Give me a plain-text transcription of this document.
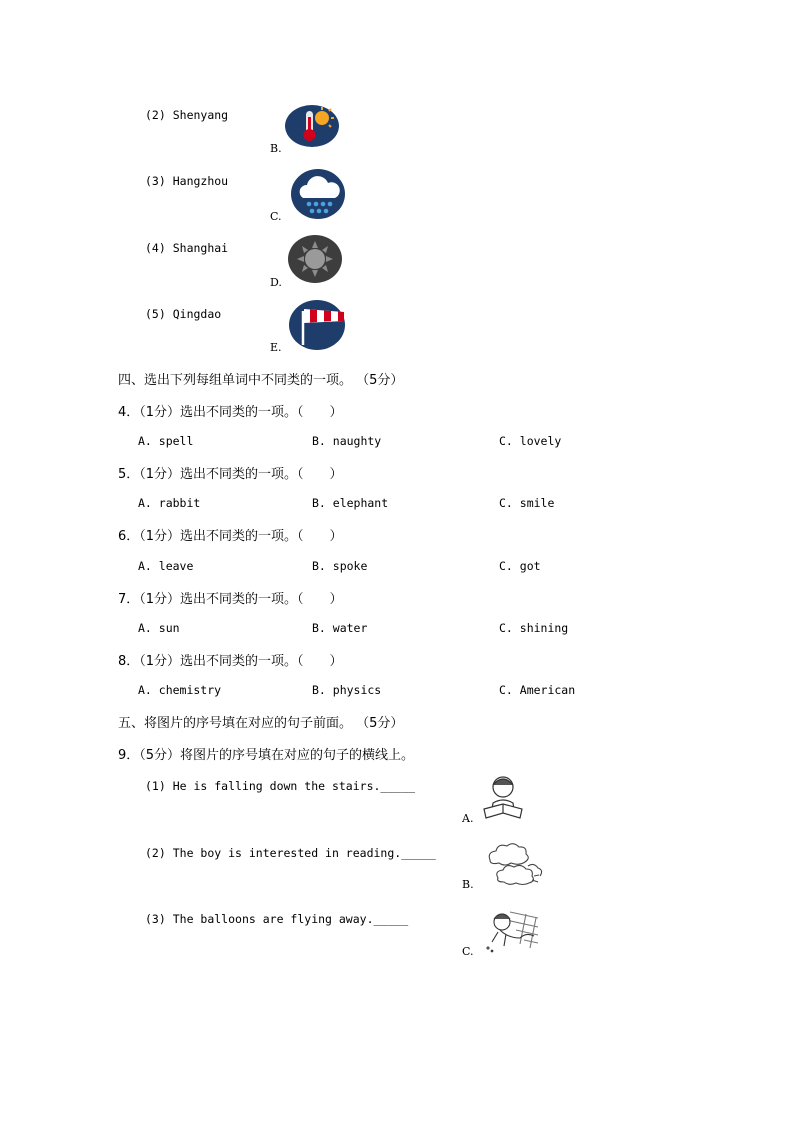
(2) Shenyang
B.
(3) Hangzhou
C.
(4) Shanghai
D.
(5) Qingdao
E.
四、选出下列每组单词中不同类的一项。 （5分）
4．（1分）选出不同类的一项。（　　）
A. spell	B. naughty	C. lovely
5．（1分）选出不同类的一项。（　　）
A. rabbit	B. elephant	C. smile
6．（1分）选出不同类的一项。（　　）
A. leave	B. spoke	C. got
7．（1分）选出不同类的一项。（　　）
A. sun	B. water	C. shining
8．（1分）选出不同类的一项。（　　）
A. chemistry	B. physics	C. American
五、将图片的序号填在对应的句子前面。 （5分）
9．（5分）将图片的序号填在对应的句子的横线上。
(1) He is falling down the stairs._____
A.
(2) The boy is interested in reading._____
B.
(3) The balloons are flying away._____
C.
